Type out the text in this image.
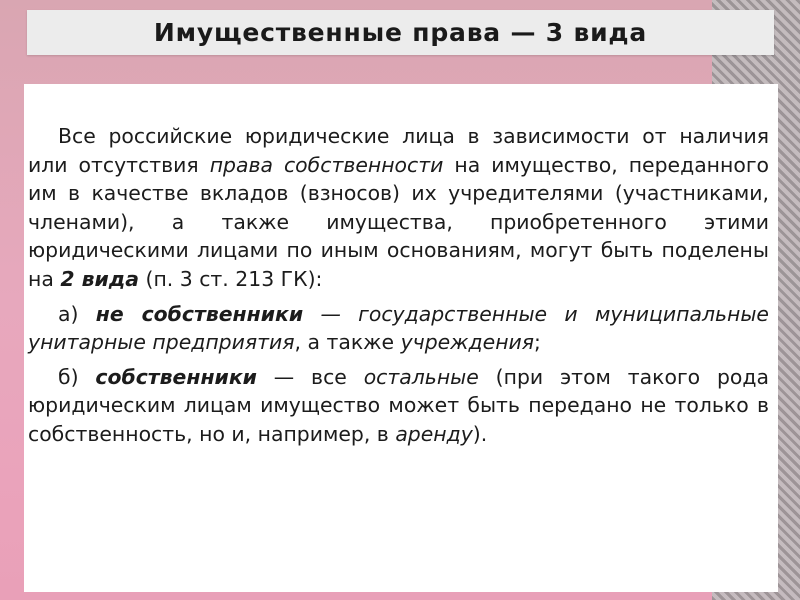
Имущественные права — 3 вида

Все российские юридические лица в зависимости от наличия или отсутствия права собственности на имущество, переданного им в качестве вкладов (взносов) их учредителями (участниками, членами), а также имущества, приобретенного этими юридическими лицами по иным основаниям, могут быть поделены на 2 вида (п. 3 ст. 213 ГК):

а) не собственники — государственные и муниципальные унитарные предприятия, а также учреждения;

б) собственники — все остальные (при этом такого рода юридическим лицам имущество может быть передано не только в собственность, но и, например, в аренду).
